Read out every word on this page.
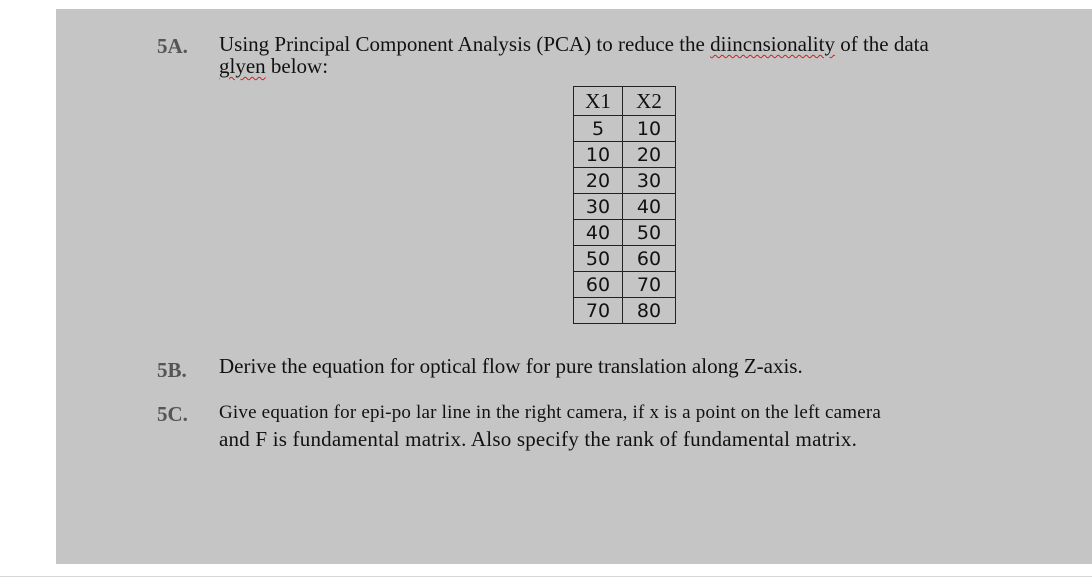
5A. Using Principal Component Analysis (PCA) to reduce the diincnsionality of the data
glyen below:
X1	X2
5	10
10	20
20	30
30	40
40	50
50	60
60	70
70	80
5B. Derive the equation for optical flow for pure translation along Z-axis.
5C. Give equation for epi-po lar line in the right camera, if x is a point on the left camera
and F is fundamental matrix. Also specify the rank of fundamental matrix.
